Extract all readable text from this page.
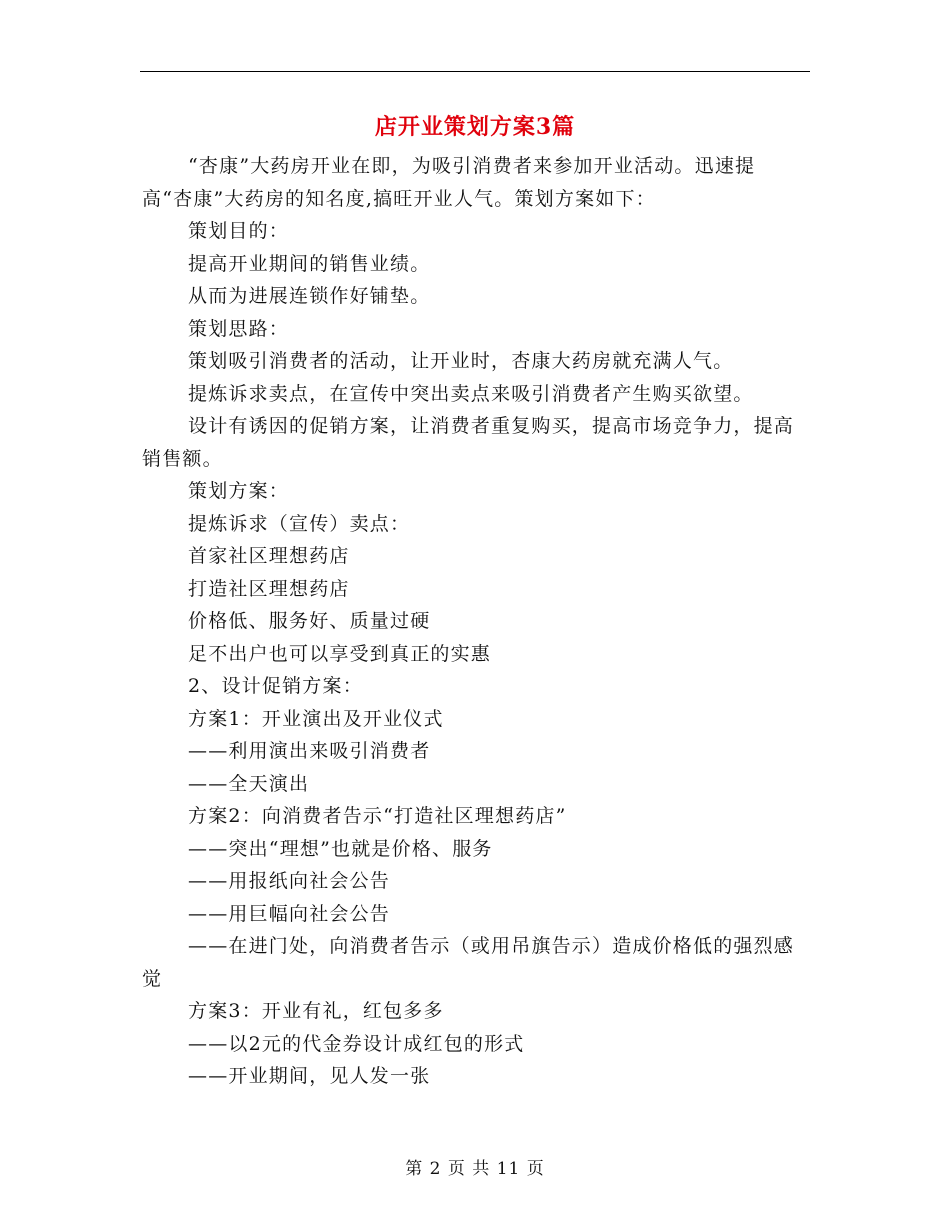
店开业策划方案3篇

“杏康”大药房开业在即，为吸引消费者来参加开业活动。迅速提高“杏康”大药房的知名度,搞旺开业人气。策划方案如下：

策划目的：

提高开业期间的销售业绩。

从而为进展连锁作好铺垫。

策划思路：

策划吸引消费者的活动，让开业时，杏康大药房就充满人气。

提炼诉求卖点，在宣传中突出卖点来吸引消费者产生购买欲望。

设计有诱因的促销方案，让消费者重复购买，提高市场竞争力，提高销售额。

策划方案：

提炼诉求（宣传）卖点：

首家社区理想药店

打造社区理想药店

价格低、服务好、质量过硬

足不出户也可以享受到真正的实惠

2、设计促销方案：

方案1：开业演出及开业仪式

——利用演出来吸引消费者

——全天演出

方案2：向消费者告示“打造社区理想药店”

——突出“理想”也就是价格、服务

——用报纸向社会公告

——用巨幅向社会公告

——在进门处，向消费者告示（或用吊旗告示）造成价格低的强烈感觉

方案3：开业有礼，红包多多

——以2元的代金券设计成红包的形式

——开业期间，见人发一张

第 2 页 共 11 页
